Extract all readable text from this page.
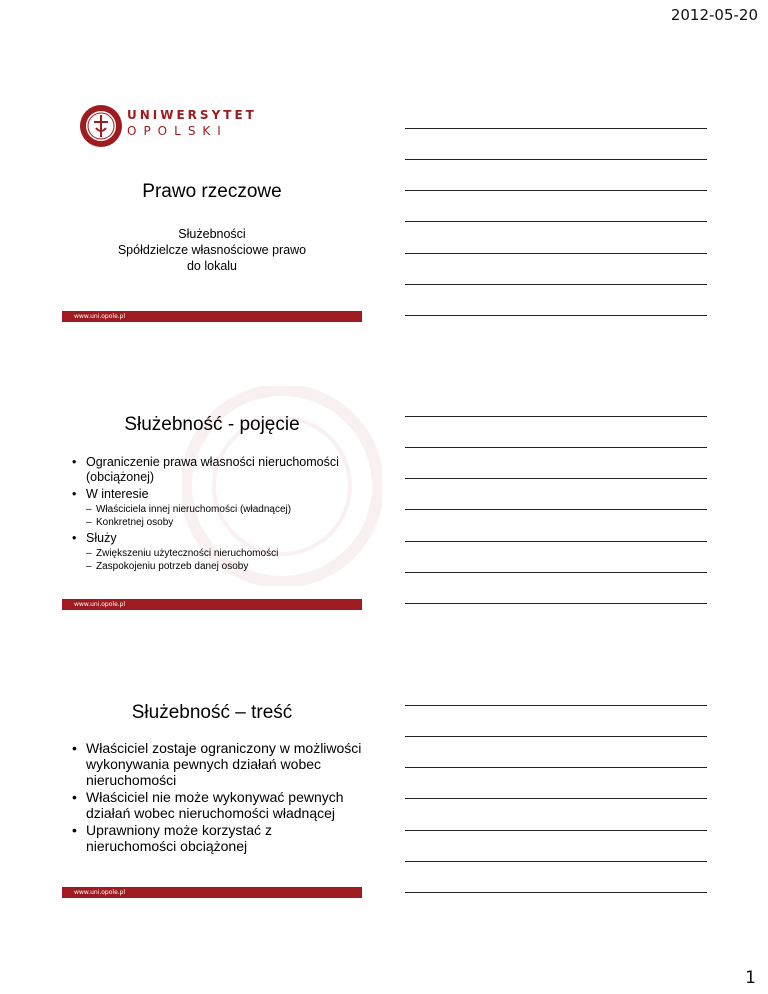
2012-05-20
UNIWERSYTET
OPOLSKI
Prawo rzeczowe
Służebności
Spółdzielcze własnościowe prawo
do lokalu
www.uni.opole.pl
Służebność - pojęcie
• Ograniczenie prawa własności nieruchomości (obciążonej)
• W interesie
– Właściciela innej nieruchomości (władnącej)
– Konkretnej osoby
• Służy
– Zwiększeniu użyteczności nieruchomości
– Zaspokojeniu potrzeb danej osoby
www.uni.opole.pl
Służebność – treść
• Właściciel zostaje ograniczony w możliwości wykonywania pewnych działań wobec nieruchomości
• Właściciel nie może wykonywać pewnych działań wobec nieruchomości władnącej
• Uprawniony może korzystać z nieruchomości obciążonej
www.uni.opole.pl
1
